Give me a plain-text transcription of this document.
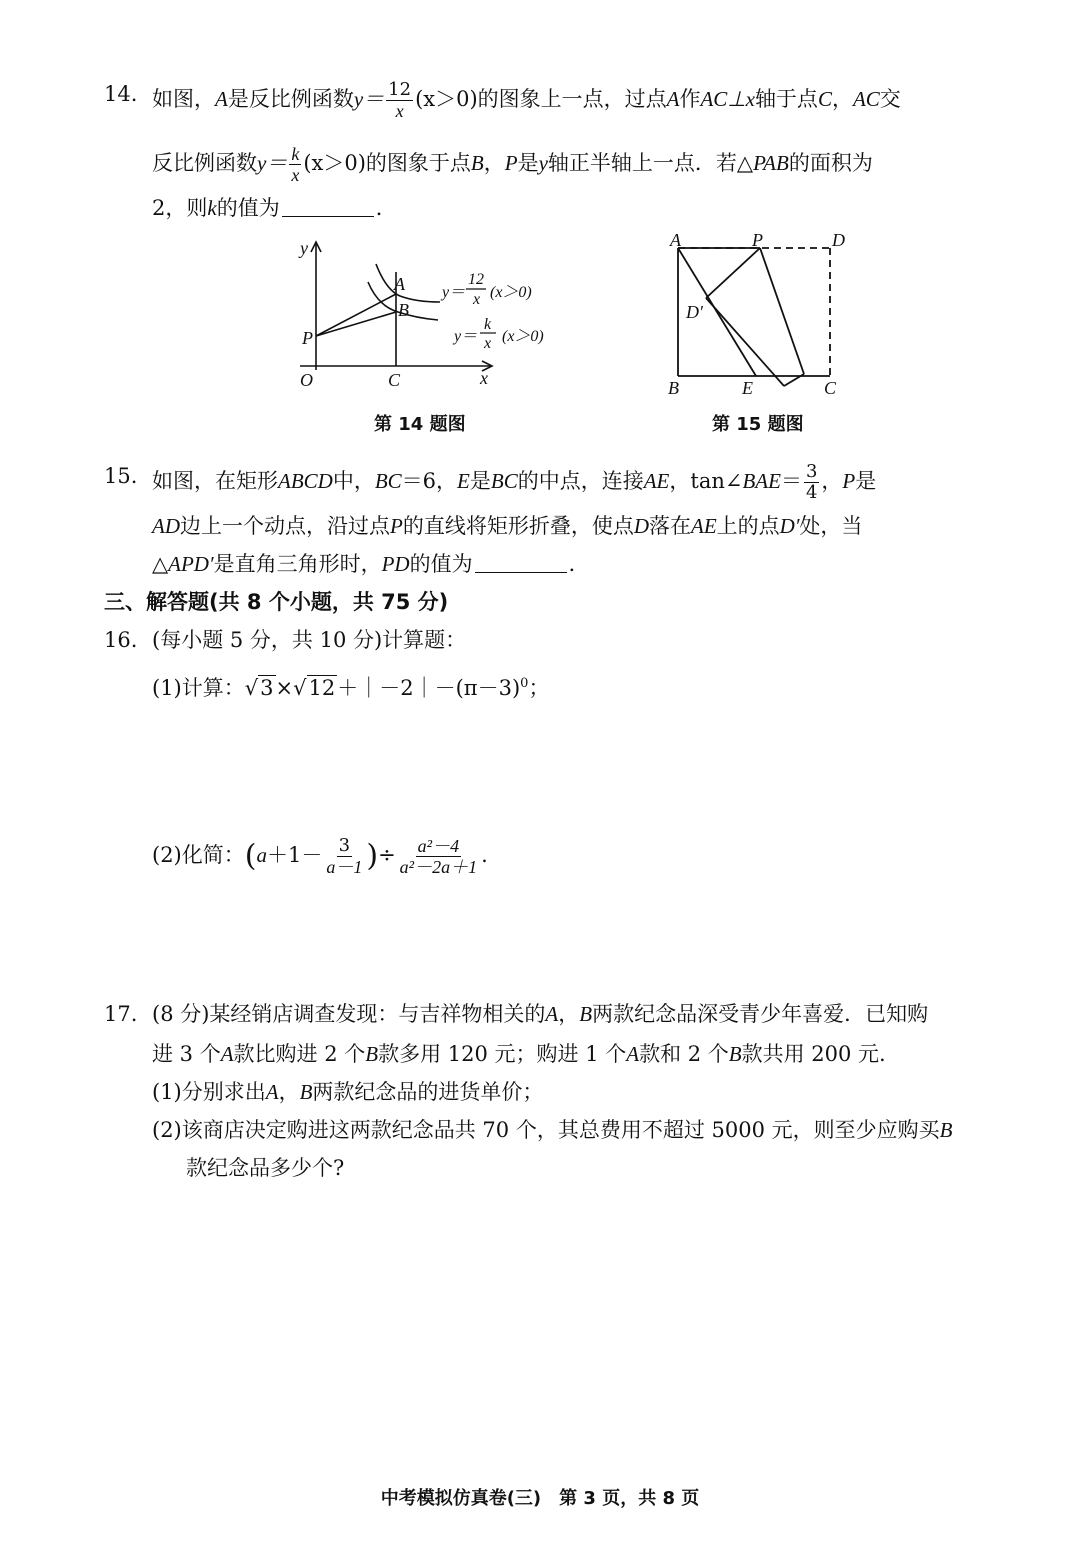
14. 如图，A是反比例函数$y= \frac{12}{x} (x>0)$的图象上一点，过点A作AC⊥x轴于点C，AC交
反比例函数$y= \frac{k}{x} (x>0)$的图象于点B，P是y轴正半轴上一点．若△PAB的面积为
2，则k的值为	．
y
x
O	C
P
A
B
y＝
12
x (x＞0)
y＝
k
x (x＞0)
第 14 题图
A	P	D
D′
B	E	C
第 15 题图
15. 如图，在矩形ABCD中，BC＝6，E是BC的中点，连接AE，tan∠BAE＝ $\frac{3}{4}$ ，P是
AD边上一个动点，沿过点P的直线将矩形折叠，使点D落在AE上的点D′处，当
△APD′是直角三角形时，PD的值为	．
三、解答题(共 8 个小题，共 75 分)
16. (每小题 5 分，共 10 分)计算题：
(1)计算：$√3\times√12+|-2|-(\pi-3)^0$；
(2)化简：($a+1- \frac{3}{a-1}$ )÷ $\frac{\text{a²－4}}{\text{a²－2a＋1}}$ .
17. (8 分)某经销店调查发现：与吉祥物相关的A，B两款纪念品深受青少年喜爱．已知购
进 3 个A款比购进 2 个B款多用 120 元；购进 1 个A款和 2 个B款共用 200 元.
(1)分别求出A，B两款纪念品的进货单价；
(2)该商店决定购进这两款纪念品共 70 个，其总费用不超过 5000 元，则至少应购买B
款纪念品多少个?
中考模拟仿真卷(三)　第 3 页，共 8 页
